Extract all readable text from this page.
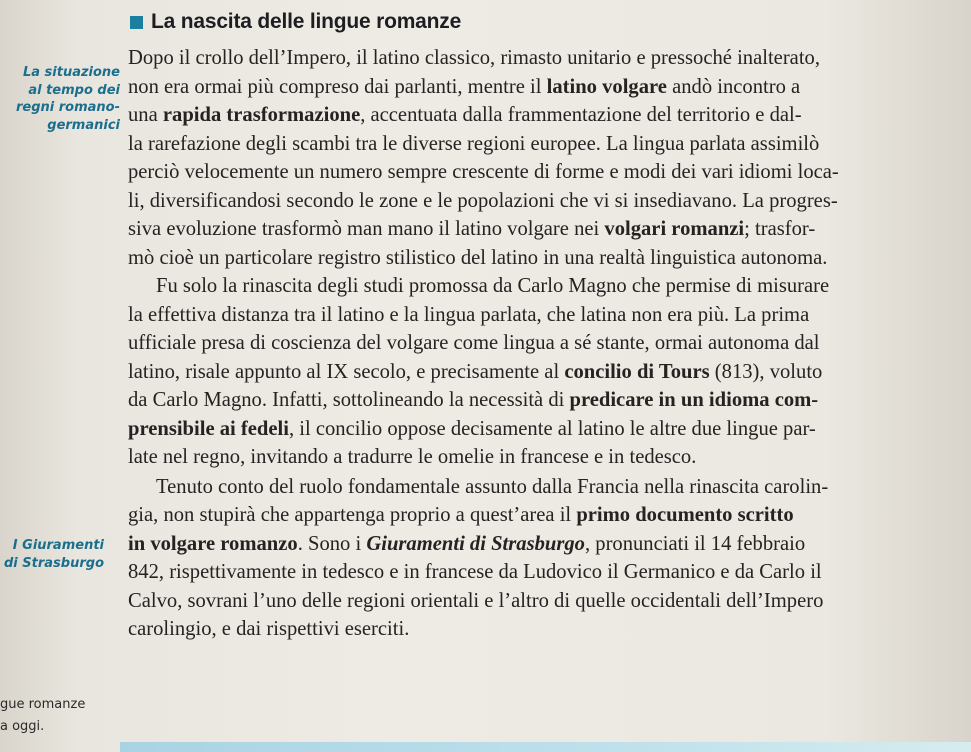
La nascita delle lingue romanze
La situazione
al tempo dei
regni romano-
germanici
I Giuramenti
di Strasburgo
gue romanze
a oggi.
Dopo il crollo dell’Impero, il latino classico, rimasto unitario e pressoché inalterato,
non era ormai più compreso dai parlanti, mentre il latino volgare andò incontro a
una rapida trasformazione, accentuata dalla frammentazione del territorio e dal-
la rarefazione degli scambi tra le diverse regioni europee. La lingua parlata assimilò
perciò velocemente un numero sempre crescente di forme e modi dei vari idiomi loca-
li, diversificandosi secondo le zone e le popolazioni che vi si insediavano. La progres-
siva evoluzione trasformò man mano il latino volgare nei volgari romanzi; trasfor-
mò cioè un particolare registro stilistico del latino in una realtà linguistica autonoma.
Fu solo la rinascita degli studi promossa da Carlo Magno che permise di misurare
la effettiva distanza tra il latino e la lingua parlata, che latina non era più. La prima
ufficiale presa di coscienza del volgare come lingua a sé stante, ormai autonoma dal
latino, risale appunto al IX secolo, e precisamente al concilio di Tours (813), voluto
da Carlo Magno. Infatti, sottolineando la necessità di predicare in un idioma com-
prensibile ai fedeli, il concilio oppose decisamente al latino le altre due lingue par-
late nel regno, invitando a tradurre le omelie in francese e in tedesco.
Tenuto conto del ruolo fondamentale assunto dalla Francia nella rinascita carolin-
gia, non stupirà che appartenga proprio a quest’area il primo documento scritto
in volgare romanzo. Sono i Giuramenti di Strasburgo, pronunciati il 14 febbraio
842, rispettivamente in tedesco e in francese da Ludovico il Germanico e da Carlo il
Calvo, sovrani l’uno delle regioni orientali e l’altro di quelle occidentali dell’Impero
carolingio, e dai rispettivi eserciti.
